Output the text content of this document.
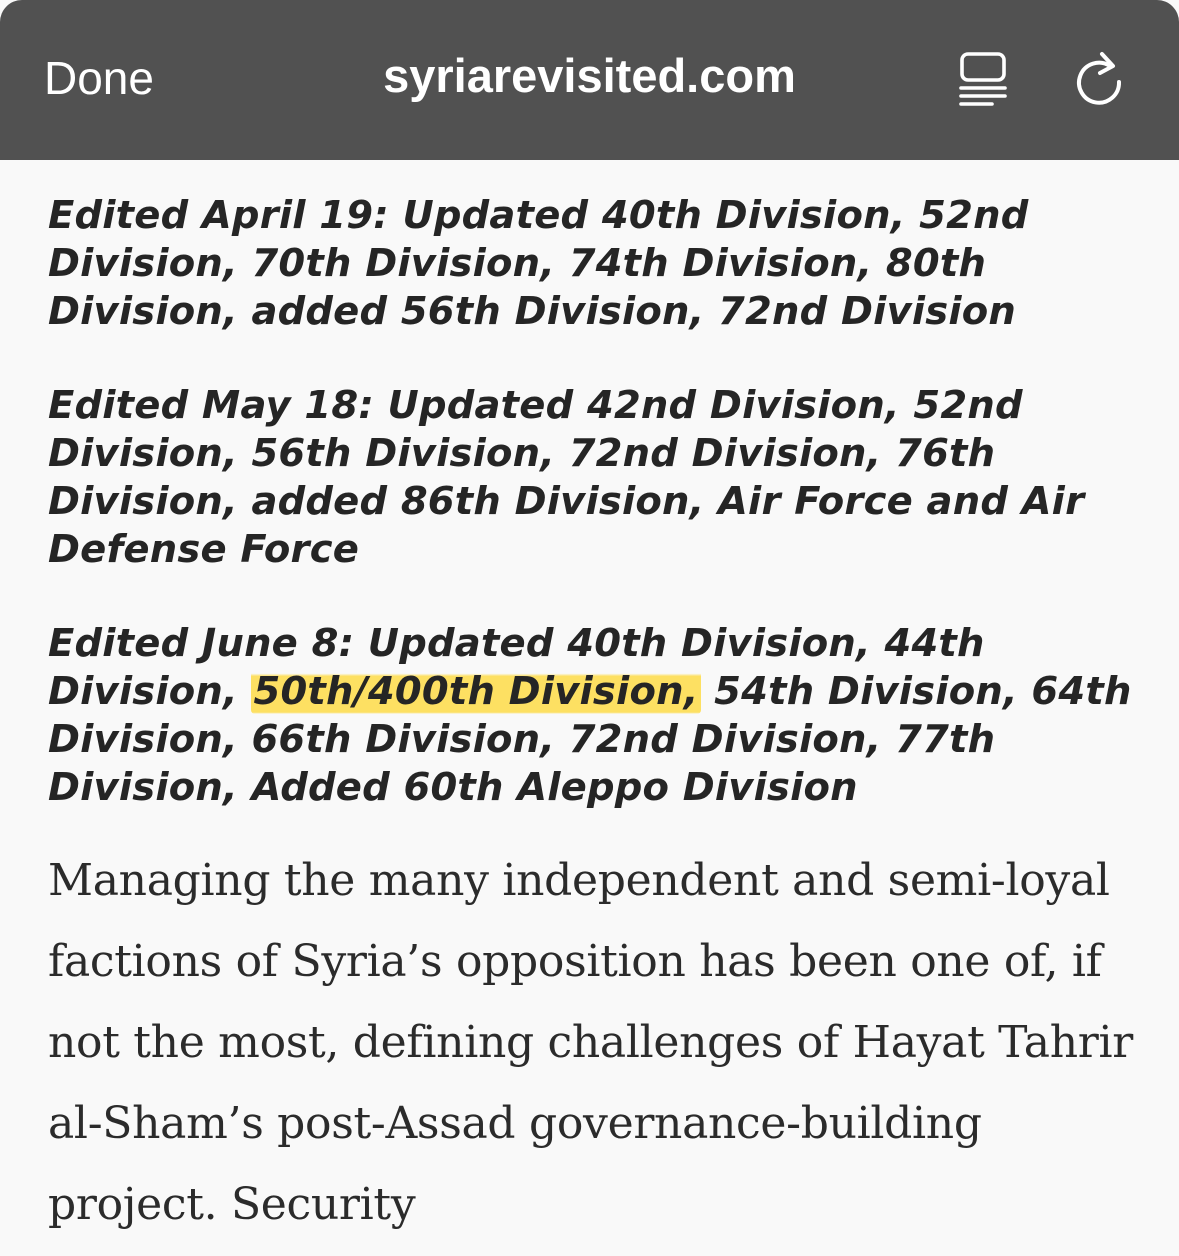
Done	syriarevisited.com

Edited April 19: Updated 40th Division, 52nd Division, 70th Division, 74th Division, 80th Division, added 56th Division, 72nd Division

Edited May 18: Updated 42nd Division, 52nd Division, 56th Division, 72nd Division, 76th Division, added 86th Division, Air Force and Air Defense Force

Edited June 8: Updated 40th Division, 44th Division, 50th/400th Division, 54th Division, 64th Division, 66th Division, 72nd Division, 77th Division, Added 60th Aleppo Division

Managing the many independent and semi-loyal factions of Syria’s opposition has been one of, if not the most, defining challenges of Hayat Tahrir al-Sham’s post-Assad governance-building project. Security
